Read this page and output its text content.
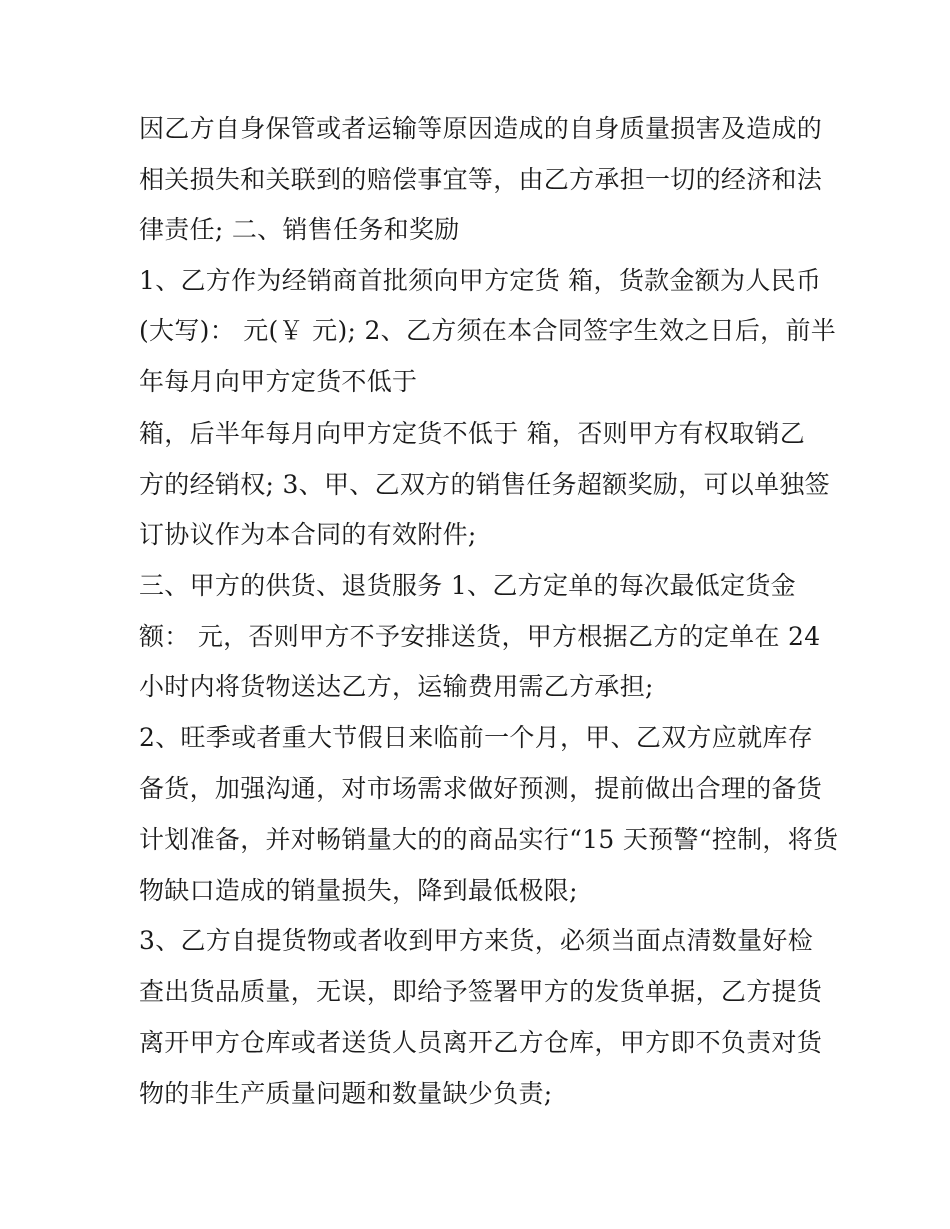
因乙方自身保管或者运输等原因造成的自身质量损害及造成的
相关损失和关联到的赔偿事宜等，由乙方承担一切的经济和法
律责任; 二、销售任务和奖励
1、乙方作为经销商首批须向甲方定货 箱，货款金额为人民币
(大写)： 元(￥ 元); 2、乙方须在本合同签字生效之日后，前半
年每月向甲方定货不低于
箱，后半年每月向甲方定货不低于 箱，否则甲方有权取销乙
方的经销权; 3、甲、乙双方的销售任务超额奖励，可以单独签
订协议作为本合同的有效附件;
三、甲方的供货、退货服务 1、乙方定单的每次最低定货金
额： 元，否则甲方不予安排送货，甲方根据乙方的定单在 24
小时内将货物送达乙方，运输费用需乙方承担;
2、旺季或者重大节假日来临前一个月，甲、乙双方应就库存
备货，加强沟通，对市场需求做好预测，提前做出合理的备货
计划准备，并对畅销量大的的商品实行“15 天预警“控制，将货
物缺口造成的销量损失，降到最低极限;
3、乙方自提货物或者收到甲方来货，必须当面点清数量好检
查出货品质量，无误，即给予签署甲方的发货单据，乙方提货
离开甲方仓库或者送货人员离开乙方仓库，甲方即不负责对货
物的非生产质量问题和数量缺少负责;
